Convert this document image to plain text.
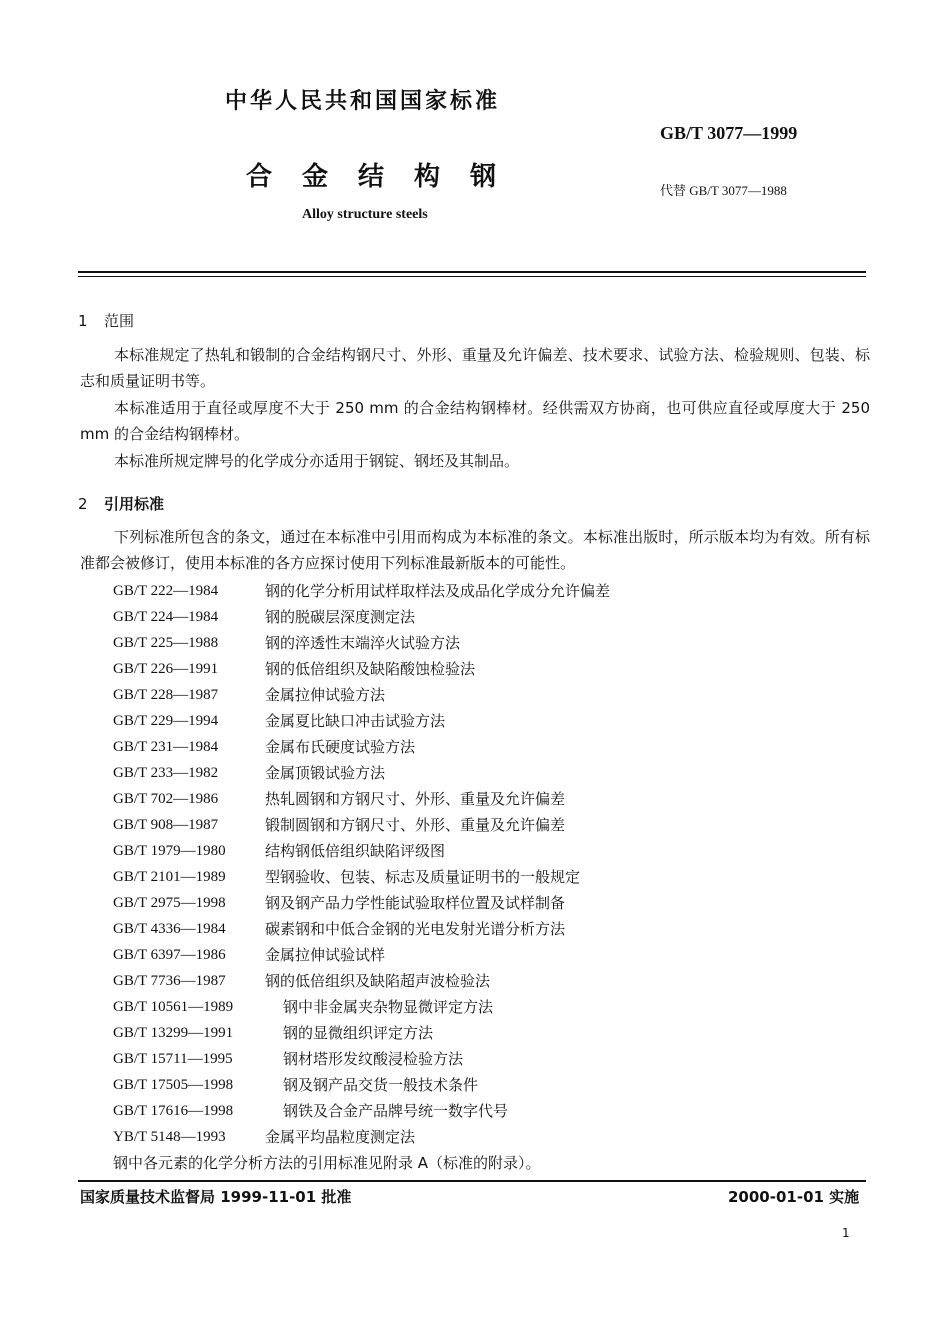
中华人民共和国国家标准
GB/T 3077—1999
合金结构钢	代替 GB/T 3077—1988
Alloy structure steels
1 范围
本标准规定了热轧和锻制的合金结构钢尺寸、外形、重量及允许偏差、技术要求、试验方法、检验规则、包装、标志和质量证明书等。
本标准适用于直径或厚度不大于 250 mm 的合金结构钢棒材。经供需双方协商，也可供应直径或厚度大于 250 mm 的合金结构钢棒材。
本标准所规定牌号的化学成分亦适用于钢锭、钢坯及其制品。
2 引用标准
下列标准所包含的条文，通过在本标准中引用而构成为本标准的条文。本标准出版时，所示版本均为有效。所有标准都会被修订，使用本标准的各方应探讨使用下列标准最新版本的可能性。
GB/T 222—1984	钢的化学分析用试样取样法及成品化学成分允许偏差
GB/T 224—1984	钢的脱碳层深度测定法
GB/T 225—1988	钢的淬透性末端淬火试验方法
GB/T 226—1991	钢的低倍组织及缺陷酸蚀检验法
GB/T 228—1987	金属拉伸试验方法
GB/T 229—1994	金属夏比缺口冲击试验方法
GB/T 231—1984	金属布氏硬度试验方法
GB/T 233—1982	金属顶锻试验方法
GB/T 702—1986	热轧圆钢和方钢尺寸、外形、重量及允许偏差
GB/T 908—1987	锻制圆钢和方钢尺寸、外形、重量及允许偏差
GB/T 1979—1980	结构钢低倍组织缺陷评级图
GB/T 2101—1989	型钢验收、包装、标志及质量证明书的一般规定
GB/T 2975—1998	钢及钢产品力学性能试验取样位置及试样制备
GB/T 4336—1984	碳素钢和中低合金钢的光电发射光谱分析方法
GB/T 6397—1986	金属拉伸试验试样
GB/T 7736—1987	钢的低倍组织及缺陷超声波检验法
GB/T 10561—1989	钢中非金属夹杂物显微评定方法
GB/T 13299—1991	钢的显微组织评定方法
GB/T 15711—1995	钢材塔形发纹酸浸检验方法
GB/T 17505—1998	钢及钢产品交货一般技术条件
GB/T 17616—1998	钢铁及合金产品牌号统一数字代号
YB/T 5148—1993	金属平均晶粒度测定法
钢中各元素的化学分析方法的引用标准见附录 A（标准的附录）。
国家质量技术监督局 1999-11-01 批准	2000-01-01 实施
1
